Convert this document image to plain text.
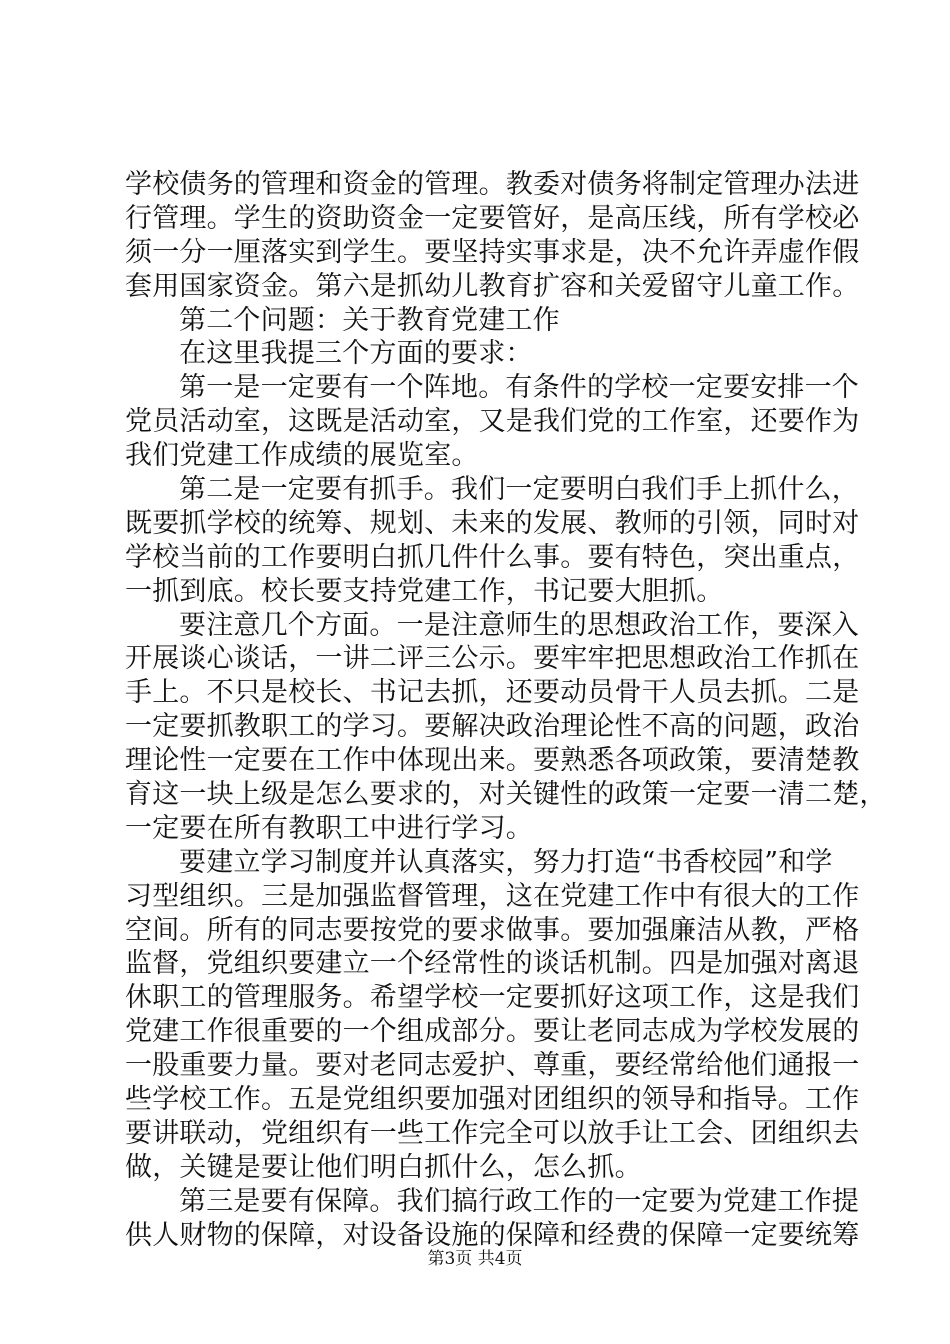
学校债务的管理和资金的管理。教委对债务将制定管理办法进
行管理。学生的资助资金一定要管好，是高压线，所有学校必
须一分一厘落实到学生。要坚持实事求是，决不允许弄虚作假
套用国家资金。第六是抓幼儿教育扩容和关爱留守儿童工作。
第二个问题：关于教育党建工作
在这里我提三个方面的要求：
第一是一定要有一个阵地。有条件的学校一定要安排一个
党员活动室，这既是活动室，又是我们党的工作室，还要作为
我们党建工作成绩的展览室。
第二是一定要有抓手。我们一定要明白我们手上抓什么，
既要抓学校的统筹、规划、未来的发展、教师的引领，同时对
学校当前的工作要明白抓几件什么事。要有特色，突出重点，
一抓到底。校长要支持党建工作，书记要大胆抓。
要注意几个方面。一是注意师生的思想政治工作，要深入
开展谈心谈话，一讲二评三公示。要牢牢把思想政治工作抓在
手上。不只是校长、书记去抓，还要动员骨干人员去抓。二是
一定要抓教职工的学习。要解决政治理论性不高的问题，政治
理论性一定要在工作中体现出来。要熟悉各项政策，要清楚教
育这一块上级是怎么要求的，对关键性的政策一定要一清二楚，
一定要在所有教职工中进行学习。
要建立学习制度并认真落实，努力打造“书香校园”和学
习型组织。三是加强监督管理，这在党建工作中有很大的工作
空间。所有的同志要按党的要求做事。要加强廉洁从教，严格
监督，党组织要建立一个经常性的谈话机制。四是加强对离退
休职工的管理服务。希望学校一定要抓好这项工作，这是我们
党建工作很重要的一个组成部分。要让老同志成为学校发展的
一股重要力量。要对老同志爱护、尊重，要经常给他们通报一
些学校工作。五是党组织要加强对团组织的领导和指导。工作
要讲联动，党组织有一些工作完全可以放手让工会、团组织去
做，关键是要让他们明白抓什么，怎么抓。
第三是要有保障。我们搞行政工作的一定要为党建工作提
供人财物的保障，对设备设施的保障和经费的保障一定要统筹
第3页 共4页
